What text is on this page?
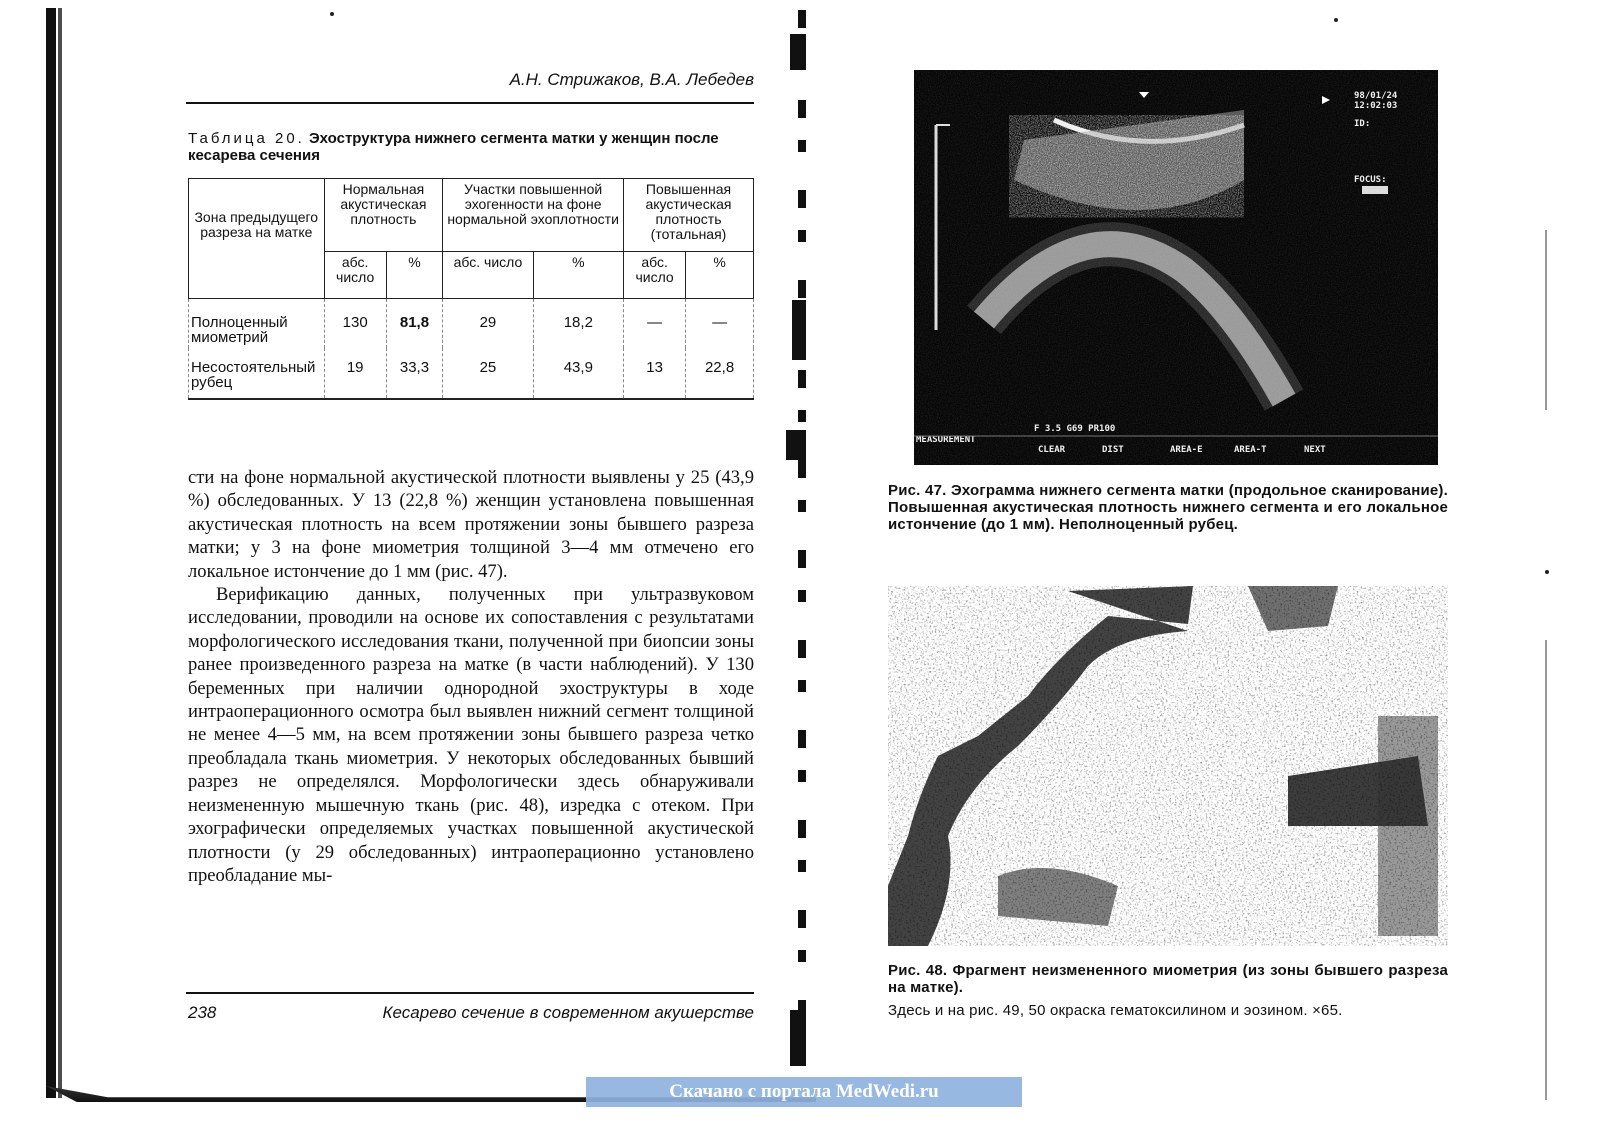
А.Н. Стрижаков, В.А. Лебедев
Таблица 20. Эхоструктура нижнего сегмента матки у женщин после кесарева сечения
Зона предыдущего разреза на матке	Нормальная акустическая плотность		Участки повышенной эхогенности на фоне нормальной эхоплотности		Повышенная акустическая плотность (тотальная)	
	абс. число	%	абс. число	%	абс. число	%
Полноценный миометрий	130	81,8	29	18,2	—	—
Несостоятельный рубец	19	33,3	25	43,9	13	22,8

сти на фоне нормальной акустической плотности выявлены у 25 (43,9 %) обследованных. У 13 (22,8 %) женщин установлена повышенная акустическая плотность на всем протяжении зоны бывшего разреза матки; у 3 на фоне миометрия толщиной 3—4 мм отмечено его локальное истончение до 1 мм (рис. 47).

Верификацию данных, полученных при ультразвуковом исследовании, проводили на основе их сопоставления с результатами морфологического исследования ткани, полученной при биопсии зоны ранее произведенного разреза на матке (в части наблюдений). У 130 беременных при наличии однородной эхоструктуры в ходе интраоперационного осмотра был выявлен нижний сегмент толщиной не менее 4—5 мм, на всем протяжении зоны бывшего разреза четко преобладала ткань миометрия. У некоторых обследованных бывший разрез не определялся. Морфологически здесь обнаруживали неизмененную мышечную ткань (рис. 48), изредка с отеком. При эхографически определяемых участках повышенной акустической плотности (у 29 обследованных) интраоперационно установлено преобладание мы-

238	Кесарево сечение в современном акушерстве
98/01/24
12:02:03
ID:
FOCUS:
F 3.5 G69 PR100
MEASUREMENT
CLEAR	DIST	AREA-E	AREA-T	NEXT
Рис. 47. Эхограмма нижнего сегмента матки (продольное сканирование). Повышенная акустическая плотность нижнего сегмента и его локальное истончение (до 1 мм). Неполноценный рубец.
Рис. 48. Фрагмент неизмененного миометрия (из зоны бывшего разреза на матке).
Здесь и на рис. 49, 50 окраска гематоксилином и эозином. ×65.
Скачано с портала MedWedi.ru
